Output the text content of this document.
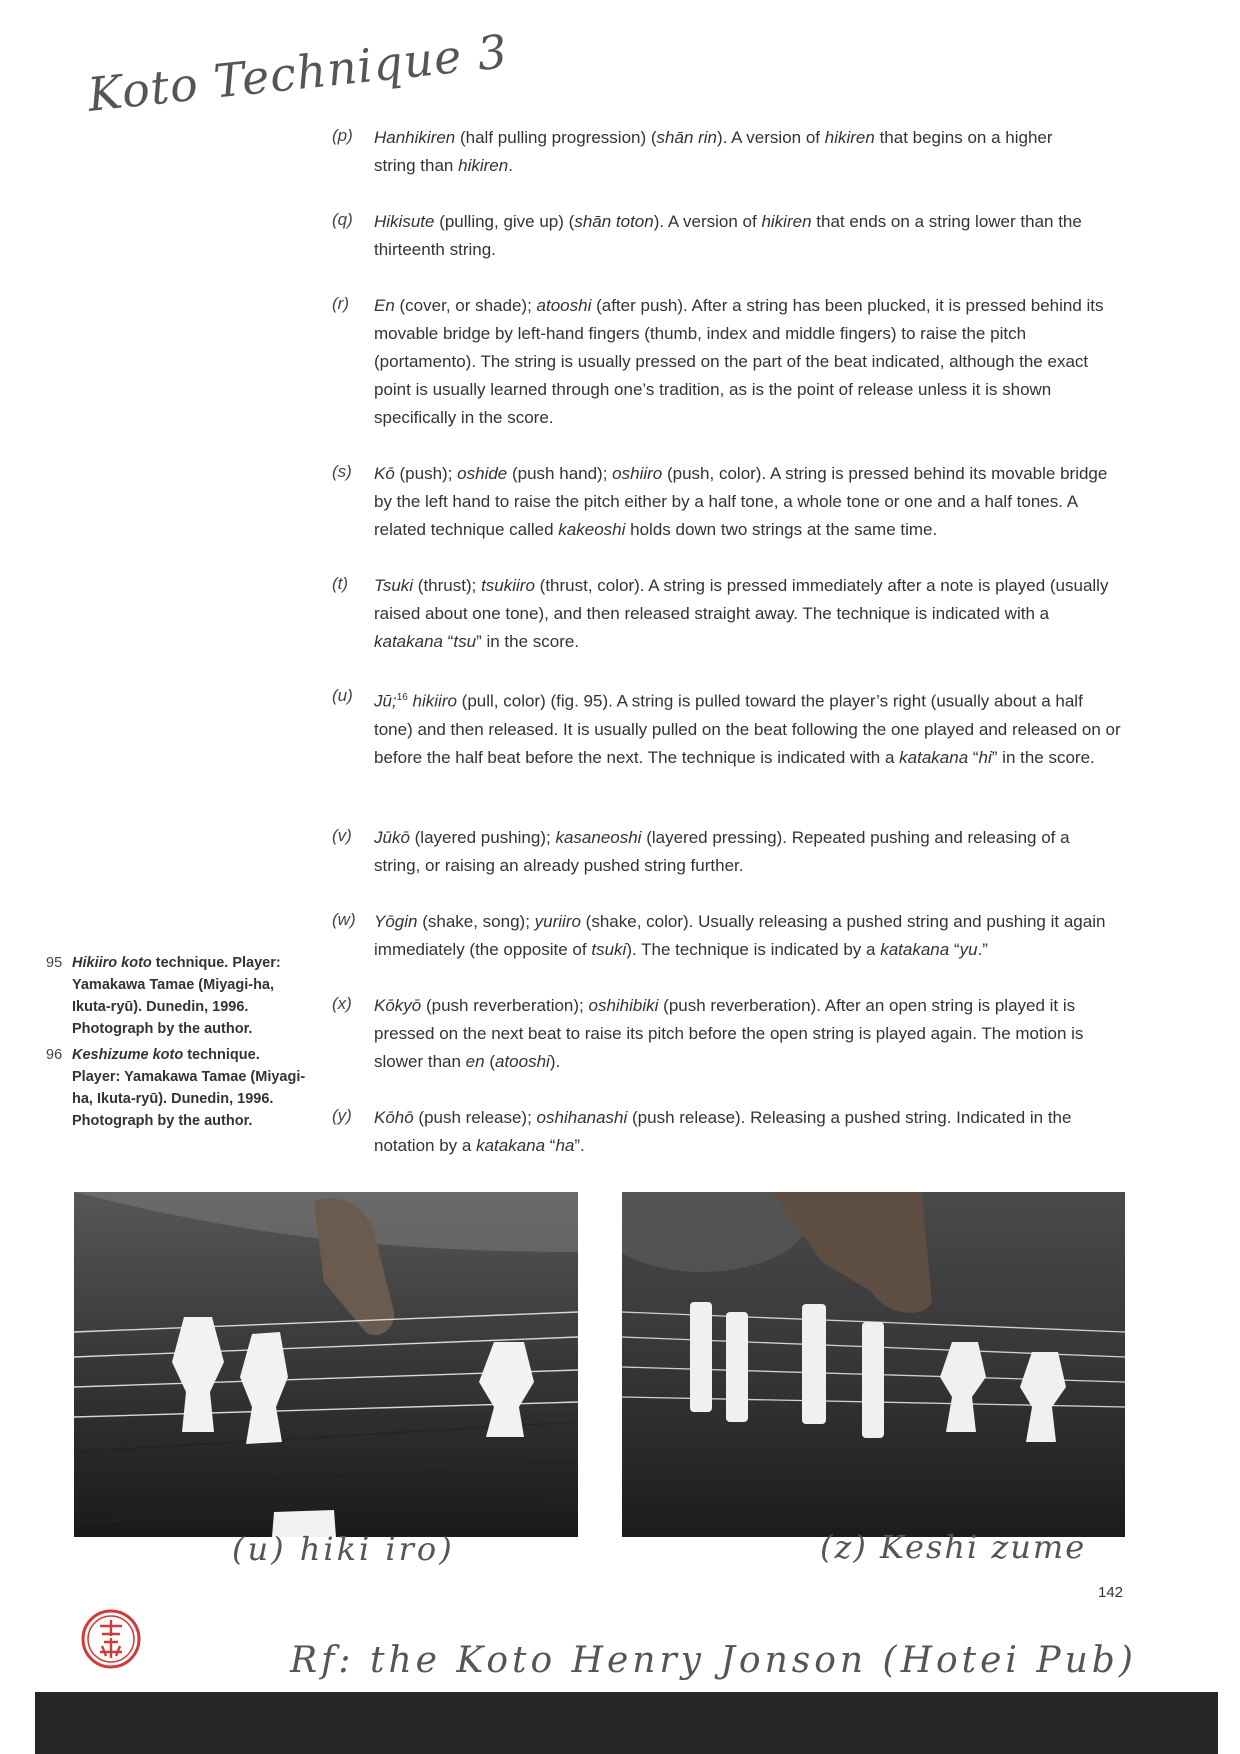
Koto Technique 3
(p) Hanhikiren (half pulling progression) (shān rin). A version of hikiren that begins on a higher string than hikiren.
(q) Hikisute (pulling, give up) (shān toton). A version of hikiren that ends on a string lower than the thirteenth string.
(r) En (cover, or shade); atooshi (after push). After a string has been plucked, it is pressed behind its movable bridge by left-hand fingers (thumb, index and middle fingers) to raise the pitch (portamento). The string is usually pressed on the part of the beat indicated, although the exact point is usually learned through one’s tradition, as is the point of release unless it is shown specifically in the score.
(s) Kō (push); oshide (push hand); oshiiro (push, color). A string is pressed behind its movable bridge by the left hand to raise the pitch either by a half tone, a whole tone or one and a half tones. A related technique called kakeoshi holds down two strings at the same time.
(t) Tsuki (thrust); tsukiiro (thrust, color). A string is pressed immediately after a note is played (usually raised about one tone), and then released straight away. The technique is indicated with a katakana “tsu” in the score.
(u) Jū;$^{16}$ hikiiro (pull, color) (fig. 95). A string is pulled toward the player’s right (usually about a half tone) and then released. It is usually pulled on the beat following the one played and released on or before the half beat before the next. The technique is indicated with a katakana “hi” in the score.
(v) Jūkō (layered pushing); kasaneoshi (layered pressing). Repeated pushing and releasing of a string, or raising an already pushed string further.
(w) Yōgin (shake, song); yuriiro (shake, color). Usually releasing a pushed string and pushing it again immediately (the opposite of tsuki). The technique is indicated by a katakana “yu.”
(x) Kōkyō (push reverberation); oshihibiki (push reverberation). After an open string is played it is pressed on the next beat to raise its pitch before the open string is played again. The motion is slower than en (atooshi).
(y) Kōhō (push release); oshihanashi (push release). Releasing a pushed string. Indicated in the notation by a katakana “ha”.
95 Hikiiro koto technique. Player: Yamakawa Tamae (Miyagi-ha, Ikuta-ryū). Dunedin, 1996. Photograph by the author.
96 Keshizume koto technique. Player: Yamakawa Tamae (Miyagi-ha, Ikuta-ryū). Dunedin, 1996. Photograph by the author.
(u) hiki iro)	(z) Keshi zume
142
Rf: the Koto Henry Jonson (Hotei Pub)
